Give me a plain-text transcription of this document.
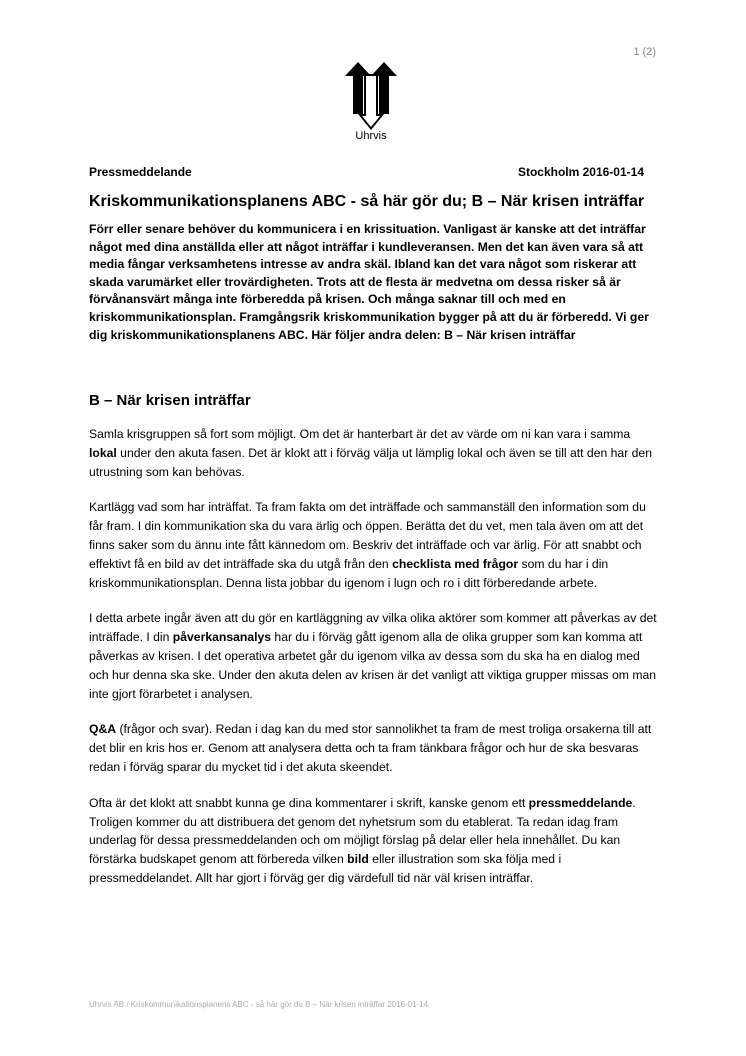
1 (2)
Uhrvis
Pressmeddelande	Stockholm 2016-01-14
Kriskommunikationsplanens ABC - så här gör du; B – När krisen inträffar
Förr eller senare behöver du kommunicera i en krissituation. Vanligast är kanske att det inträffar något med dina anställda eller att något inträffar i kundleveransen. Men det kan även vara så att media fångar verksamhetens intresse av andra skäl. Ibland kan det vara något som riskerar att skada varumärket eller trovärdigheten. Trots att de flesta är medvetna om dessa risker så är förvånansvärt många inte förberedda på krisen. Och många saknar till och med en kriskommunikationsplan. Framgångsrik kriskommunikation bygger på att du är förberedd. Vi ger dig kriskommunikationsplanens ABC. Här följer andra delen: B – När krisen inträffar
B – När krisen inträffar

Samla krisgruppen så fort som möjligt. Om det är hanterbart är det av värde om ni kan vara i samma lokal under den akuta fasen. Det är klokt att i förväg välja ut lämplig lokal och även se till att den har den utrustning som kan behövas.

Kartlägg vad som har inträffat. Ta fram fakta om det inträffade och sammanställ den information som du får fram. I din kommunikation ska du vara ärlig och öppen. Berätta det du vet, men tala även om att det finns saker som du ännu inte fått kännedom om. Beskriv det inträffade och var ärlig. För att snabbt och effektivt få en bild av det inträffade ska du utgå från den checklista med frågor som du har i din kriskommunikationsplan. Denna lista jobbar du igenom i lugn och ro i ditt förberedande arbete.

I detta arbete ingår även att du gör en kartläggning av vilka olika aktörer som kommer att påverkas av det inträffade. I din påverkansanalys har du i förväg gått igenom alla de olika grupper som kan komma att påverkas av krisen. I det operativa arbetet går du igenom vilka av dessa som du ska ha en dialog med och hur denna ska ske. Under den akuta delen av krisen är det vanligt att viktiga grupper missas om man inte gjort förarbetet i analysen.

Q&A (frågor och svar). Redan i dag kan du med stor sannolikhet ta fram de mest troliga orsakerna till att det blir en kris hos er. Genom att analysera detta och ta fram tänkbara frågor och hur de ska besvaras redan i förväg sparar du mycket tid i det akuta skeendet.

Ofta är det klokt att snabbt kunna ge dina kommentarer i skrift, kanske genom ett pressmeddelande. Troligen kommer du att distribuera det genom det nyhetsrum som du etablerat. Ta redan idag fram underlag för dessa pressmeddelanden och om möjligt förslag på delar eller hela innehållet. Du kan förstärka budskapet genom att förbereda vilken bild eller illustration som ska följa med i pressmeddelandet. Allt har gjort i förväg ger dig värdefull tid när väl krisen inträffar.

Uhrvis AB / Kriskommunikationsplanens ABC - så här gör du B – När krisen inträffar 2016-01-14
